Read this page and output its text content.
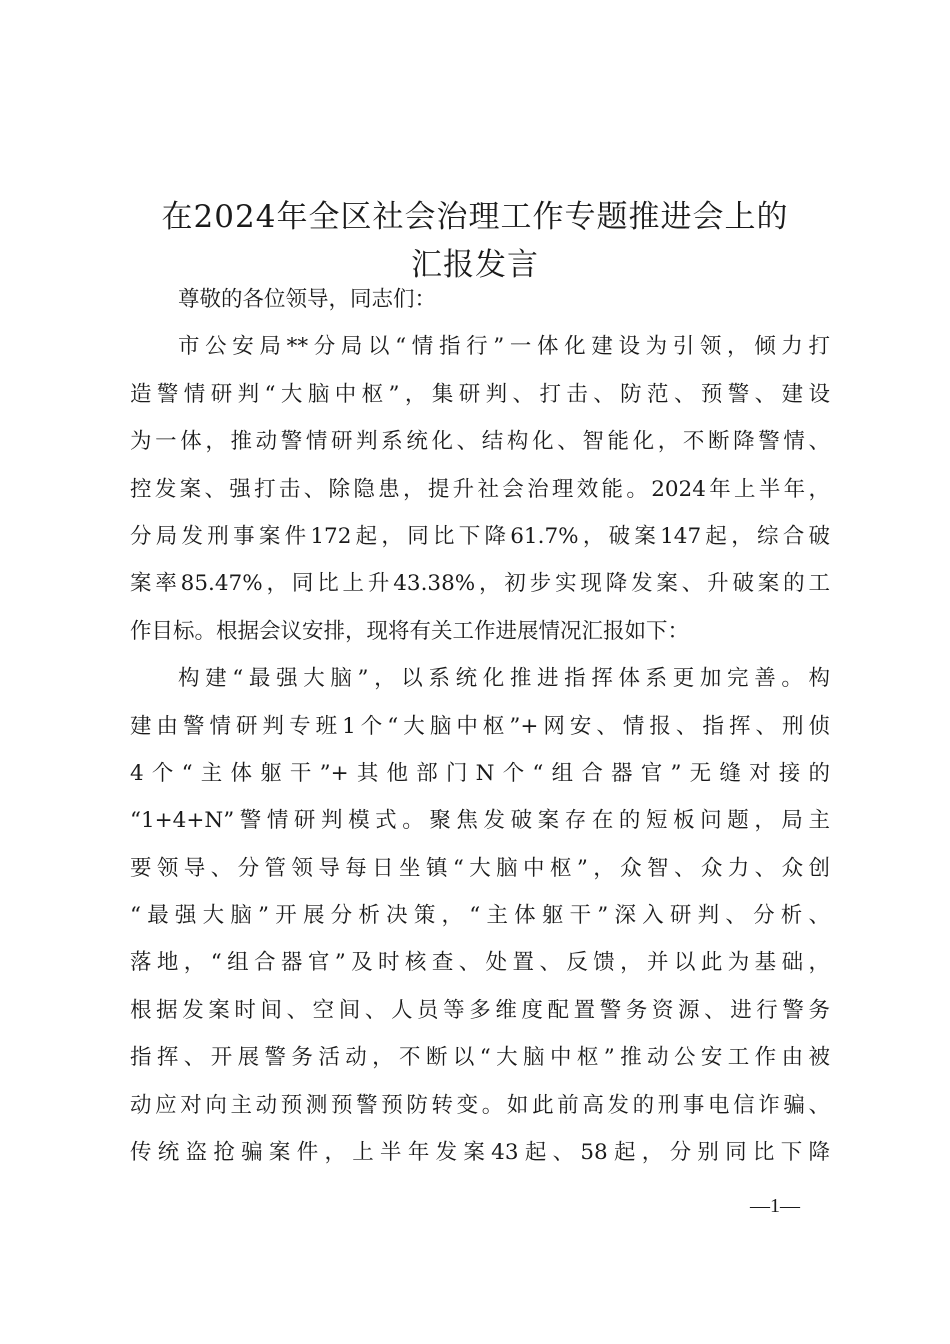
在2024年全区社会治理工作专题推进会上的
汇报发言
尊敬的各位领导，同志们：
市公安局**分局以“情指行”一体化建设为引领，倾力打
造警情研判“大脑中枢”，集研判、打击、防范、预警、建设
为一体，推动警情研判系统化、结构化、智能化，不断降警情、
控发案、强打击、除隐患，提升社会治理效能。2024年上半年，
分局发刑事案件172起，同比下降61.7%，破案147起，综合破
案率85.47%，同比上升43.38%，初步实现降发案、升破案的工
作目标。根据会议安排，现将有关工作进展情况汇报如下：
构建“最强大脑”，以系统化推进指挥体系更加完善。构
建由警情研判专班1个“大脑中枢”+网安、情报、指挥、刑侦
4个“主体躯干”+其他部门N个“组合器官”无缝对接的
“1+4+N”警情研判模式。聚焦发破案存在的短板问题，局主
要领导、分管领导每日坐镇“大脑中枢”，众智、众力、众创
“最强大脑”开展分析决策，“主体躯干”深入研判、分析、
落地，“组合器官”及时核查、处置、反馈，并以此为基础，
根据发案时间、空间、人员等多维度配置警务资源、进行警务
指挥、开展警务活动，不断以“大脑中枢”推动公安工作由被
动应对向主动预测预警预防转变。如此前高发的刑事电信诈骗、
传统盗抢骗案件，上半年发案43起、58起，分别同比下降
—1—
